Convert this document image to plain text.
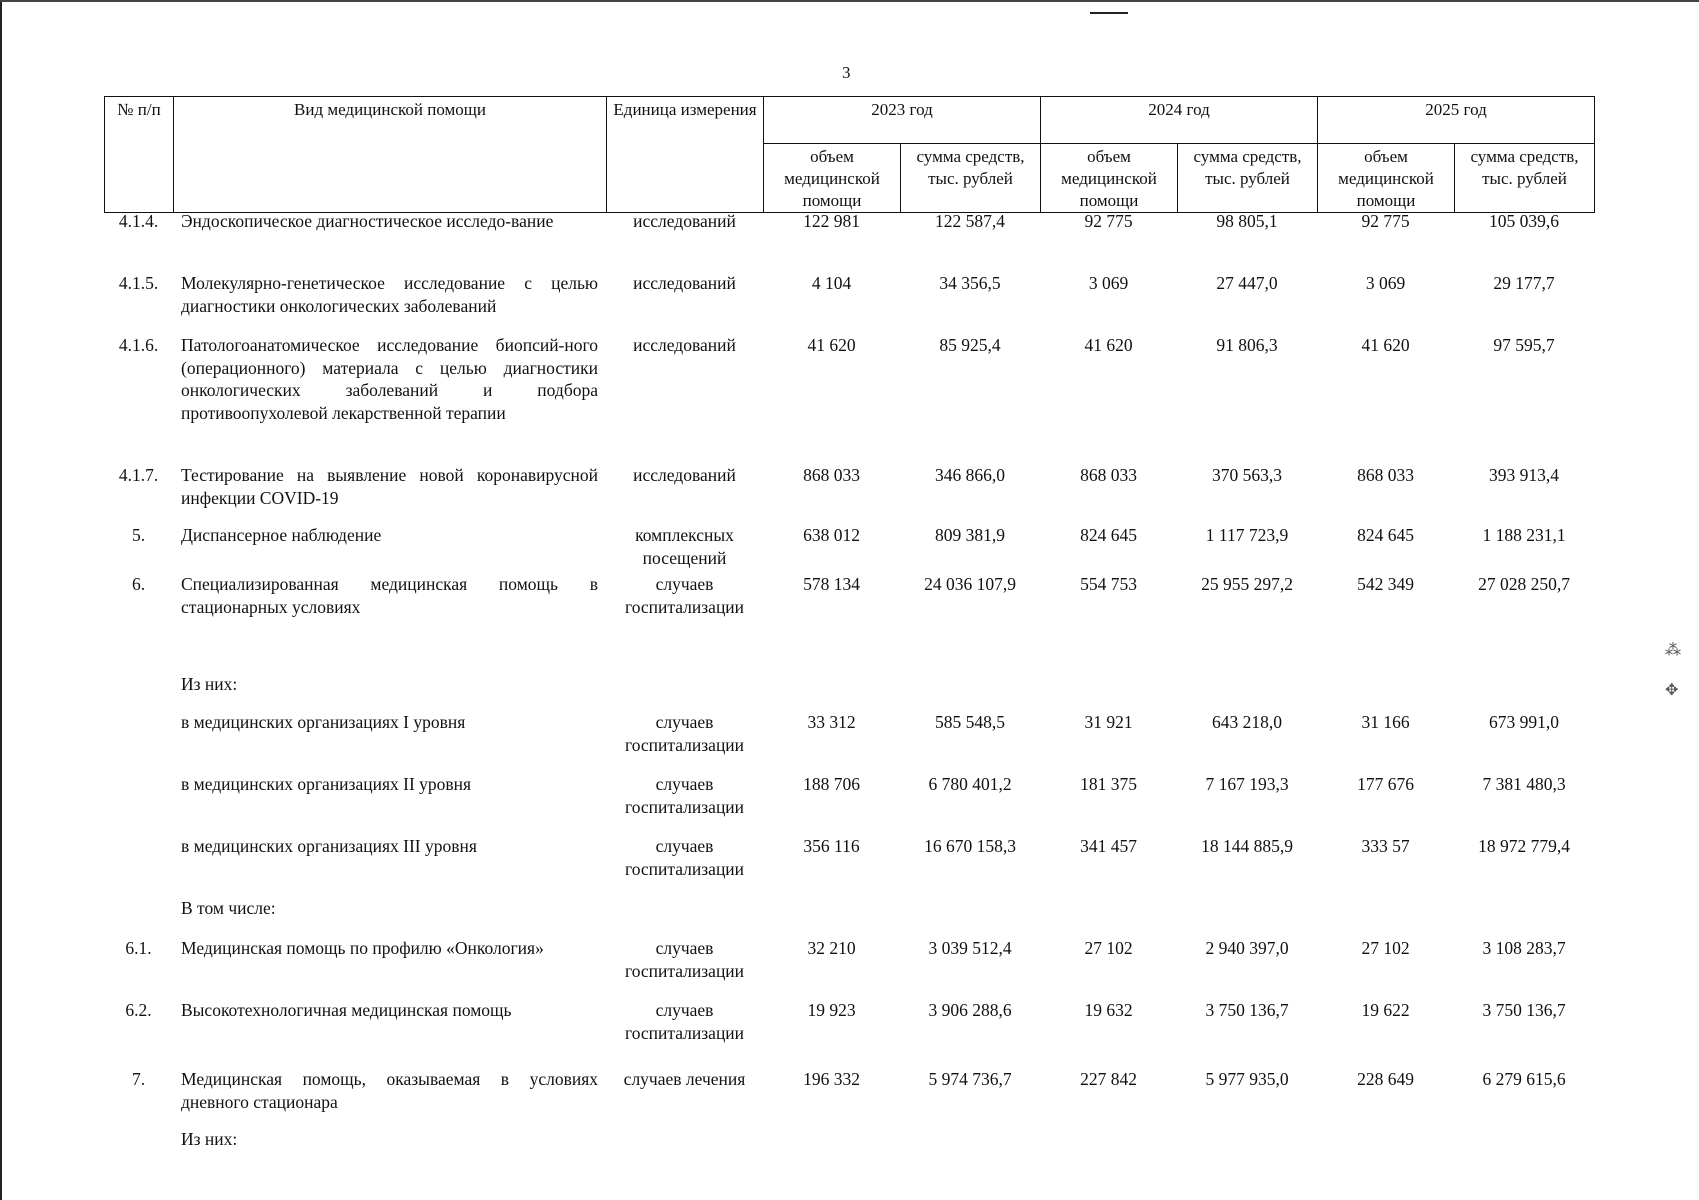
3
⁂
✥
№ п/п	Вид медицинской помощи	Единица измерения	2023 год		2024 год		2025 год	
			объем медицинской помощи	сумма средств, тыс. рублей	объем медицинской помощи	сумма средств, тыс. рублей	объем медицинской помощи	сумма средств, тыс. рублей
4.1.4.	Эндоскопическое диагностическое исследо-вание	исследований	122 981	122 587,4	92 775	98 805,1	92 775	105 039,6
4.1.5.	Молекулярно-генетическое исследование с целью диагностики онкологических заболеваний	исследований	4 104	34 356,5	3 069	27 447,0	3 069	29 177,7
4.1.6.	Патологоанатомическое исследование биопсий-ного (операционного) материала с целью диагностики онкологических заболеваний и подбора противоопухолевой лекарственной терапии	исследований	41 620	85 925,4	41 620	91 806,3	41 620	97 595,7
4.1.7.	Тестирование на выявление новой коронавирусной инфекции COVID-19	исследований	868 033	346 866,0	868 033	370 563,3	868 033	393 913,4
5.	Диспансерное наблюдение	комплексных посещений	638 012	809 381,9	824 645	1 117 723,9	824 645	1 188 231,1
6.	Специализированная медицинская помощь в стационарных условиях	случаев госпитализации	578 134	24 036 107,9	554 753	25 955 297,2	542 349	27 028 250,7
	Из них:							
	в медицинских организациях I уровня	случаев госпитализации	33 312	585 548,5	31 921	643 218,0	31 166	673 991,0
	в медицинских организациях II уровня	случаев госпитализации	188 706	6 780 401,2	181 375	7 167 193,3	177 676	7 381 480,3
	в медицинских организациях III уровня	случаев госпитализации	356 116	16 670 158,3	341 457	18 144 885,9	333 57	18 972 779,4
	В том числе:							
6.1.	Медицинская помощь по профилю «Онкология»	случаев госпитализации	32 210	3 039 512,4	27 102	2 940 397,0	27 102	3 108 283,7
6.2.	Высокотехнологичная медицинская помощь	случаев госпитализации	19 923	3 906 288,6	19 632	3 750 136,7	19 622	3 750 136,7
7.	Медицинская помощь, оказываемая в условиях дневного стационара	случаев лечения	196 332	5 974 736,7	227 842	5 977 935,0	228 649	6 279 615,6
	Из них:							
